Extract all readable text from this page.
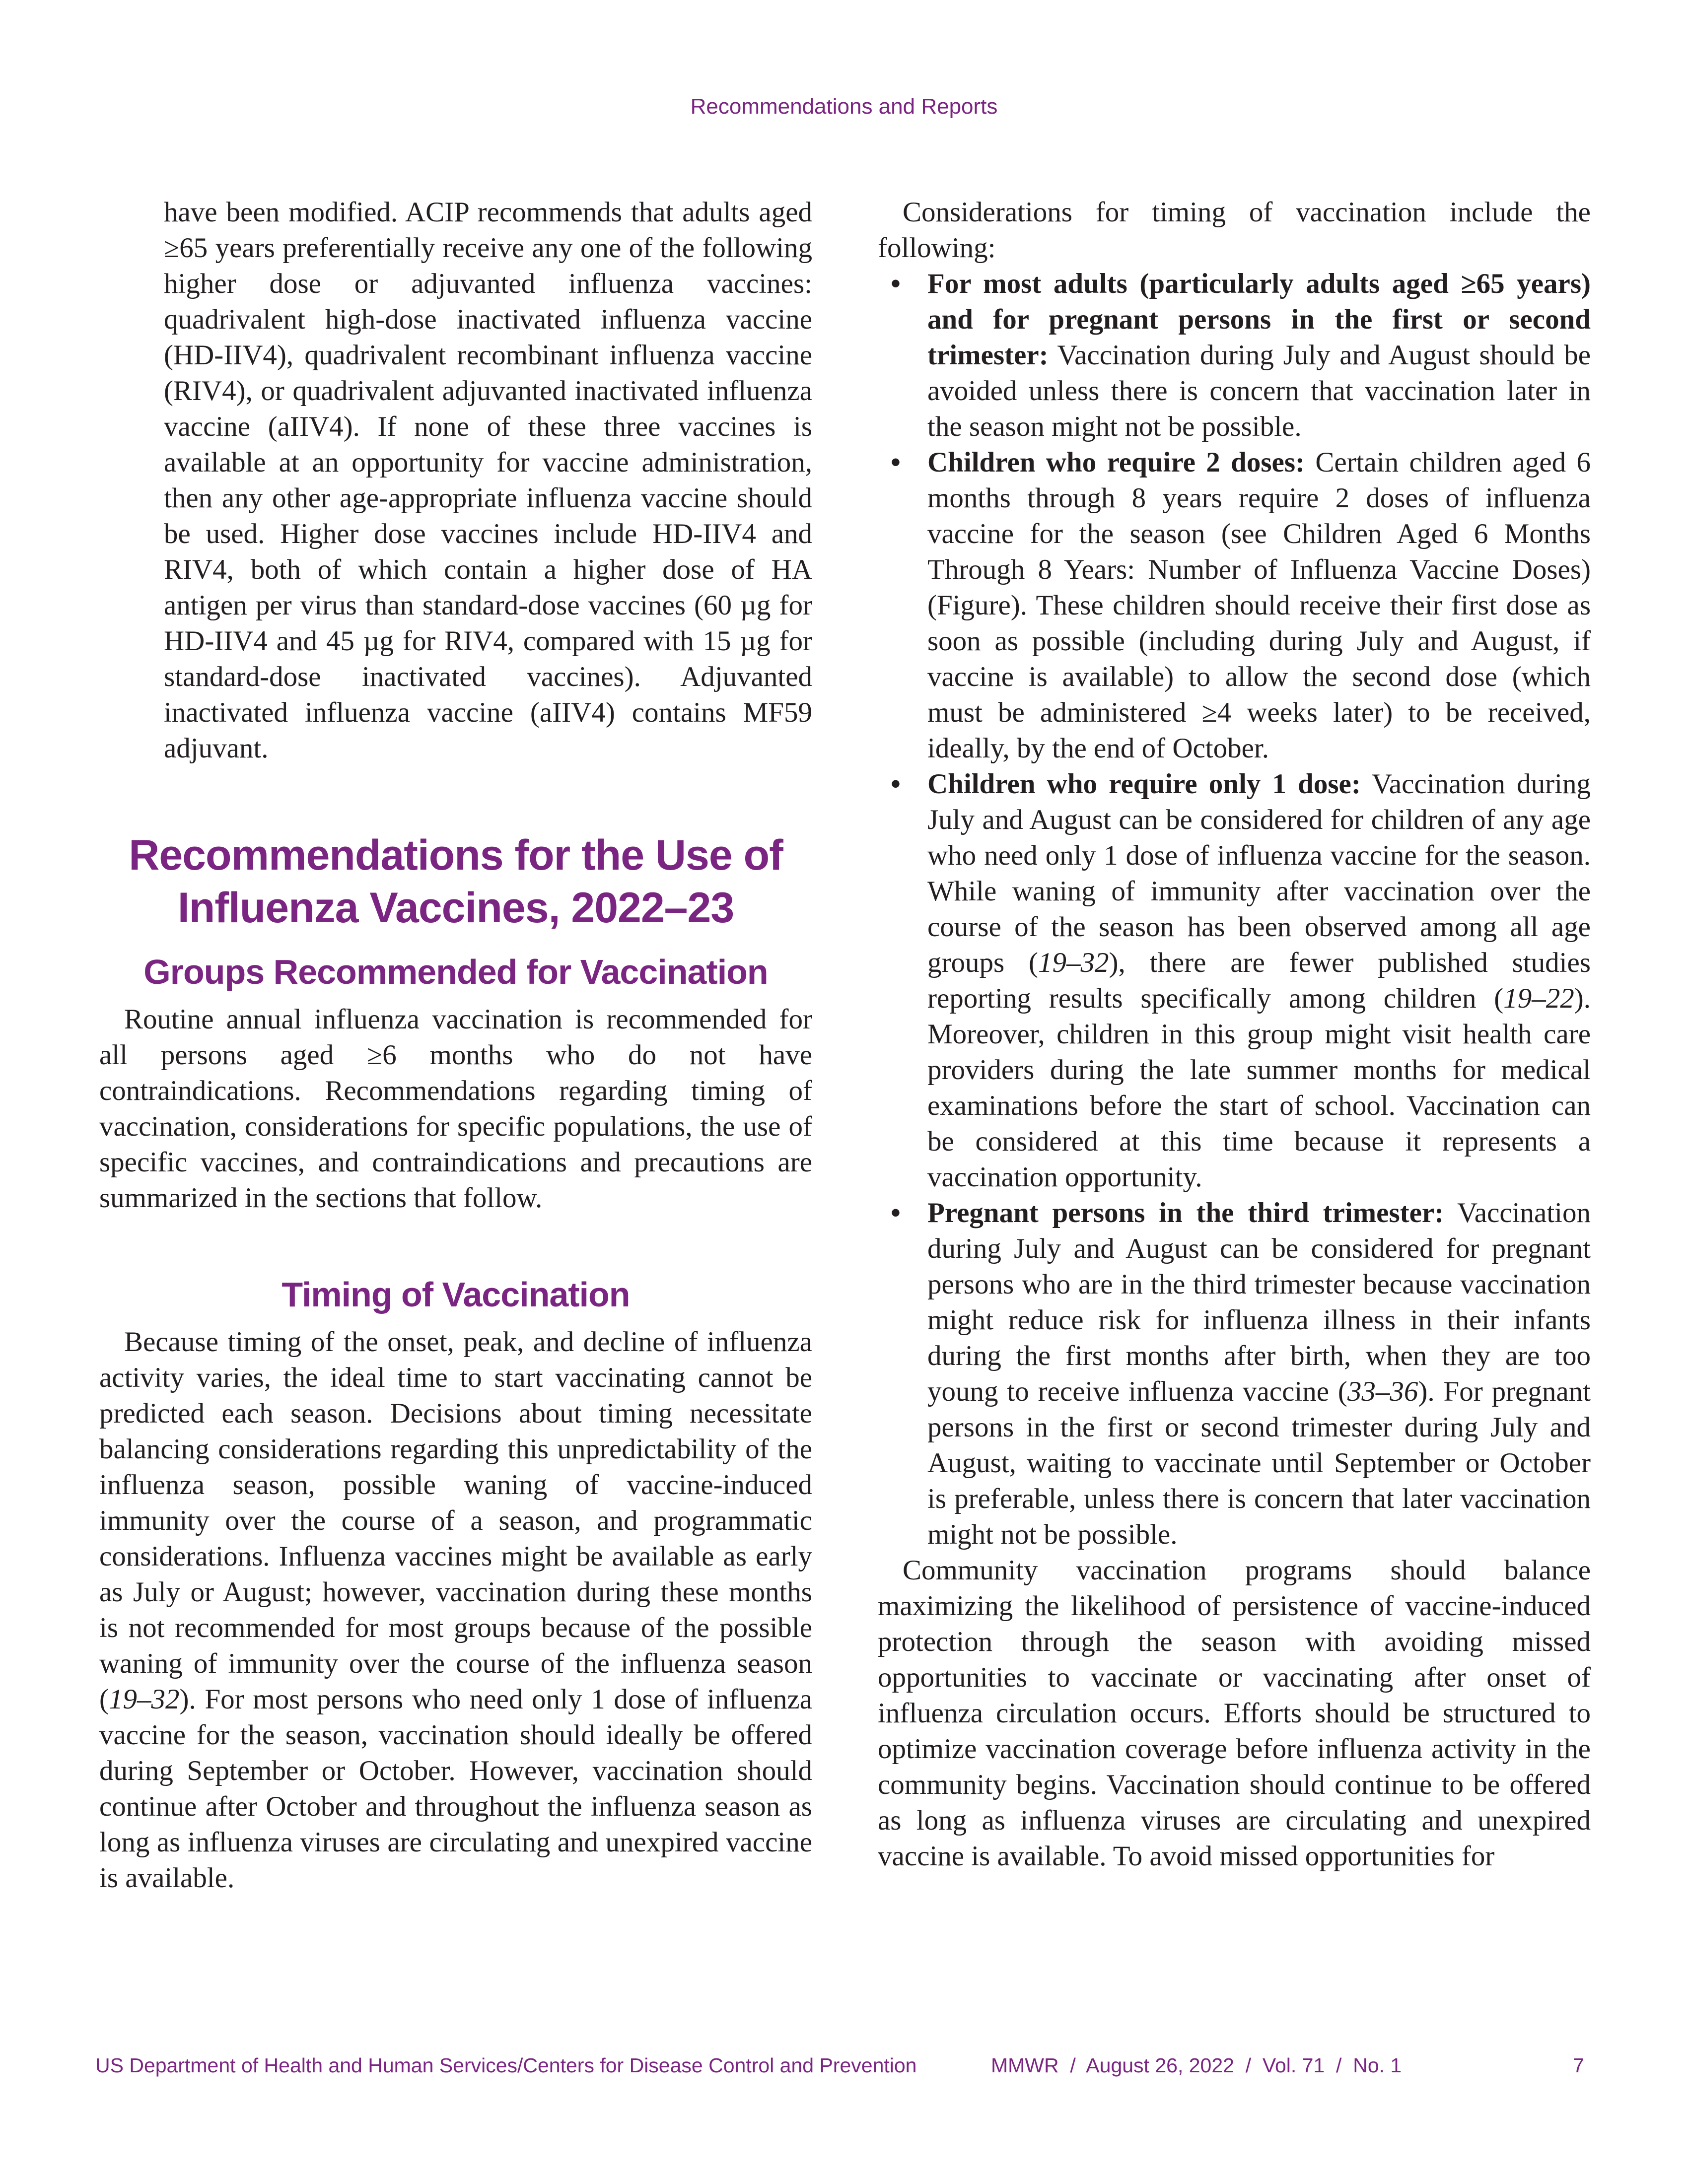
Recommendations and Reports

have been modified. ACIP recommends that adults aged ≥65 years preferentially receive any one of the following higher dose or adjuvanted influenza vaccines: quadrivalent high-dose inactivated influenza vaccine (HD-IIV4), quadrivalent recombinant influenza vaccine (RIV4), or quadrivalent adjuvanted inactivated influenza vaccine (aIIV4). If none of these three vaccines is available at an opportunity for vaccine administration, then any other age-appropriate influenza vaccine should be used. Higher dose vaccines include HD-IIV4 and RIV4, both of which contain a higher dose of HA antigen per virus than standard-dose vaccines (60 µg for HD-IIV4 and 45 µg for RIV4, compared with 15 µg for standard-dose inactivated vaccines). Adjuvanted inactivated influenza vaccine (aIIV4) contains MF59 adjuvant.

Recommendations for the Use of
Influenza Vaccines, 2022–23
Groups Recommended for Vaccination

Routine annual influenza vaccination is recommended for all persons aged ≥6 months who do not have contraindications. Recommendations regarding timing of vaccination, considerations for specific populations, the use of specific vaccines, and contraindications and precautions are summarized in the sections that follow.

Timing of Vaccination

Because timing of the onset, peak, and decline of influenza activity varies, the ideal time to start vaccinating cannot be predicted each season. Decisions about timing necessitate balancing considerations regarding this unpredictability of the influenza season, possible waning of vaccine-induced immunity over the course of a season, and programmatic considerations. Influenza vaccines might be available as early as July or August; however, vaccination during these months is not recommended for most groups because of the possible waning of immunity over the course of the influenza season (19–32). For most persons who need only 1 dose of influenza vaccine for the season, vaccination should ideally be offered during September or October. However, vaccination should continue after October and throughout the influenza season as long as influenza viruses are circulating and unexpired vaccine is available.

Considerations for timing of vaccination include the following:

• For most adults (particularly adults aged ≥65 years) and for pregnant persons in the first or second trimester: Vaccination during July and August should be avoided unless there is concern that vaccination later in the season might not be possible.
• Children who require 2 doses: Certain children aged 6 months through 8 years require 2 doses of influenza vaccine for the season (see Children Aged 6 Months Through 8 Years: Number of Influenza Vaccine Doses) (Figure). These children should receive their first dose as soon as possible (including during July and August, if vaccine is available) to allow the second dose (which must be administered ≥4 weeks later) to be received, ideally, by the end of October.
• Children who require only 1 dose: Vaccination during July and August can be considered for children of any age who need only 1 dose of influenza vaccine for the season. While waning of immunity after vaccination over the course of the season has been observed among all age groups (19–32), there are fewer published studies reporting results specifically among children (19–22). Moreover, children in this group might visit health care providers during the late summer months for medical examinations before the start of school. Vaccination can be considered at this time because it represents a vaccination opportunity.
• Pregnant persons in the third trimester: Vaccination during July and August can be considered for pregnant persons who are in the third trimester because vaccination might reduce risk for influenza illness in their infants during the first months after birth, when they are too young to receive influenza vaccine (33–36). For pregnant persons in the first or second trimester during July and August, waiting to vaccinate until September or October is preferable, unless there is concern that later vaccination might not be possible.

Community vaccination programs should balance maximizing the likelihood of persistence of vaccine-induced protection through the season with avoiding missed opportunities to vaccinate or vaccinating after onset of influenza circulation occurs. Efforts should be structured to optimize vaccination coverage before influenza activity in the community begins. Vaccination should continue to be offered as long as influenza viruses are circulating and unexpired vaccine is available. To avoid missed opportunities for

US Department of Health and Human Services/Centers for Disease Control and Prevention	MMWR  /  August 26, 2022  /  Vol. 71  /  No. 1	7
